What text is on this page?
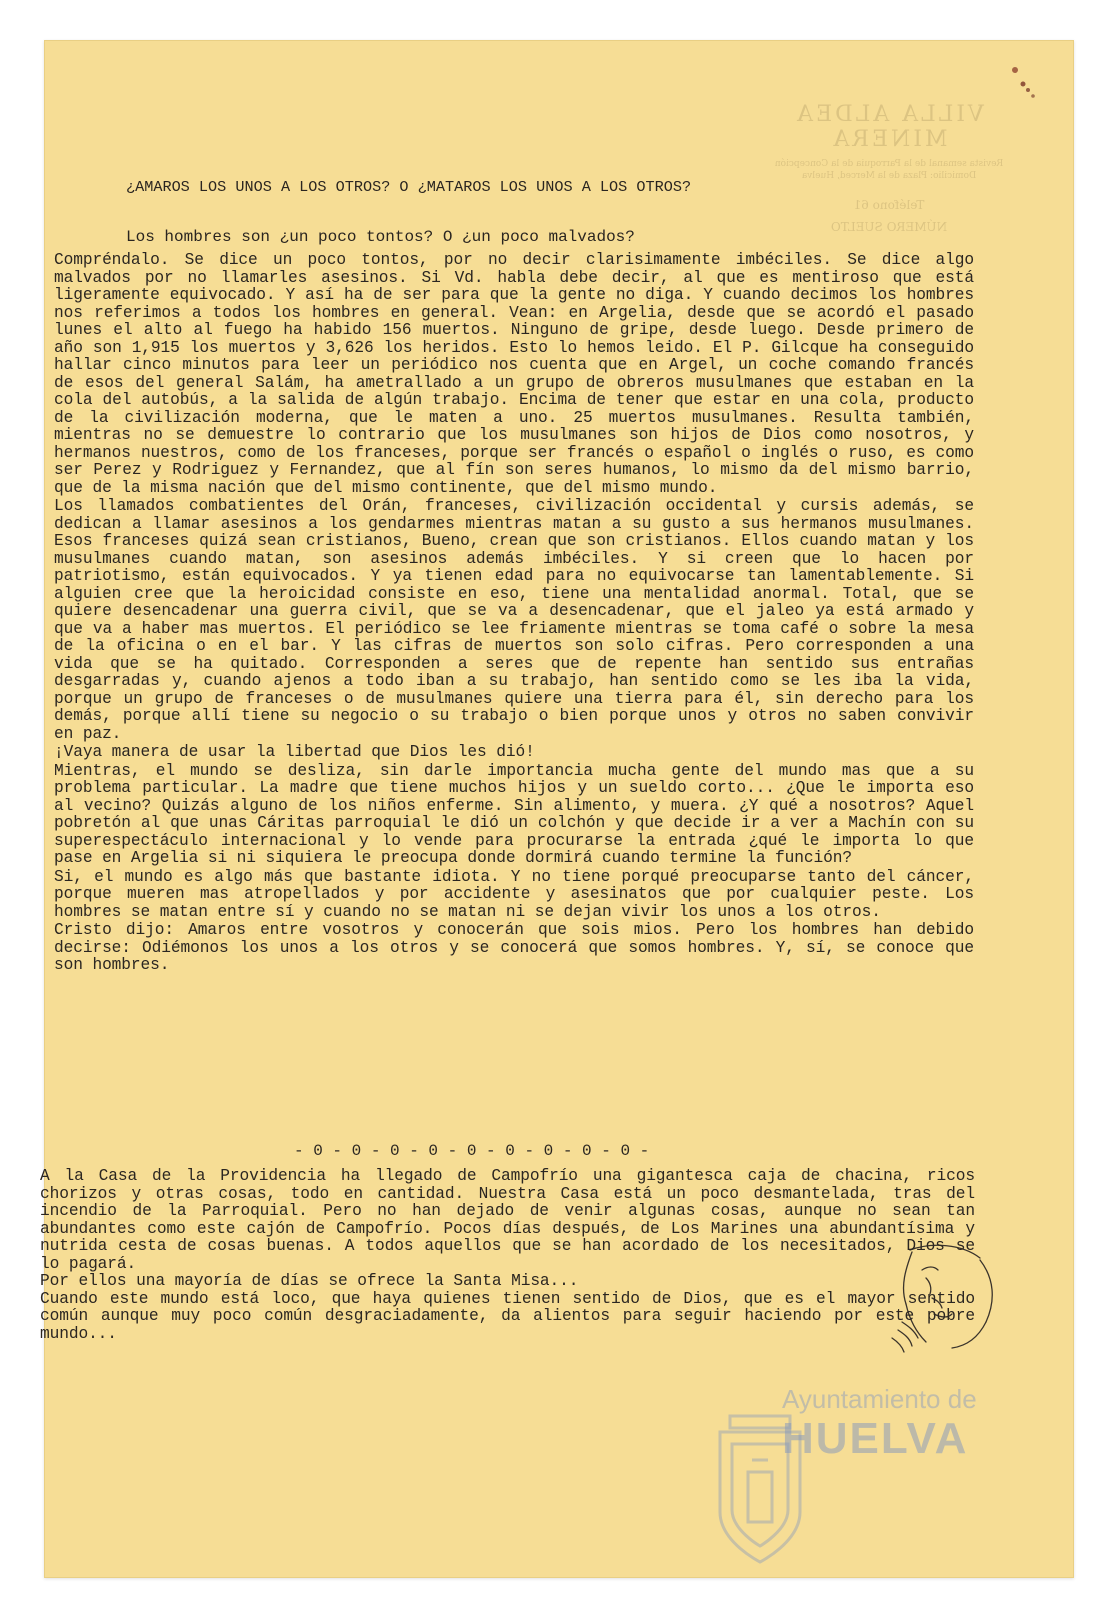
VILLA ALDEA MINERA
Revista semanal de la Parroquia de la Concepción
Domicilio: Plaza de la Merced, Huelva
Teléfono 61
NÚMERO SUELTO
¿AMAROS LOS UNOS A LOS OTROS? O ¿MATAROS LOS UNOS A LOS OTROS?
Los hombres son ¿un poco tontos? O ¿un poco malvados?

Compréndalo. Se dice un poco tontos, por no decir clarisimamente imbéciles. Se dice algo malvados por no llamarles asesinos. Si Vd. habla debe decir, al que es mentiroso que está ligeramente equivocado. Y así ha de ser para que la gente no diga. Y cuando decimos los hombres nos referimos a todos los hombres en general. Vean: en Argelia, desde que se acordó el pasado lunes el alto al fuego ha habido 156 muertos. Ninguno de gripe, desde luego. Desde primero de año son 1,915 los muertos y 3,626 los heridos. Esto lo hemos leido. El P. Gilcque ha conseguido hallar cinco minutos para leer un periódico nos cuenta que en Argel, un coche comando francés de esos del general Salám, ha ametrallado a un grupo de obreros musulmanes que estaban en la cola del autobús, a la salida de algún trabajo. Encima de tener que estar en una cola, producto de la civilización moderna, que le maten a uno. 25 muertos musulmanes. Resulta también, mientras no se demuestre lo contrario que los musulmanes son hijos de Dios como nosotros, y hermanos nuestros, como de los franceses, porque ser francés o español o inglés o ruso, es como ser Perez y Rodriguez y Fernandez, que al fín son seres humanos, lo mismo da del mismo barrio, que de la misma nación que del mismo continente, que del mismo mundo.

Los llamados combatientes del Orán, franceses, civilización occidental y cursis además, se dedican a llamar asesinos a los gendarmes mientras matan a su gusto a sus hermanos musulmanes. Esos franceses quizá sean cristianos, Bueno, crean que son cristianos. Ellos cuando matan y los musulmanes cuando matan, son asesinos además imbéciles. Y si creen que lo hacen por patriotismo, están equivocados. Y ya tienen edad para no equivocarse tan lamentablemente. Si alguien cree que la heroicidad consiste en eso, tiene una mentalidad anormal. Total, que se quiere desencadenar una guerra civil, que se va a desencadenar, que el jaleo ya está armado y que va a haber mas muertos. El periódico se lee friamente mientras se toma café o sobre la mesa de la oficina o en el bar. Y las cifras de muertos son solo cifras. Pero corresponden a una vida que se ha quitado. Corresponden a seres que de repente han sentido sus entrañas desgarradas y, cuando ajenos a todo iban a su trabajo, han sentido como se les iba la vida, porque un grupo de franceses o de musulmanes quiere una tierra para él, sin derecho para los demás, porque allí tiene su negocio o su trabajo o bien porque unos y otros no saben convivir en paz.

¡Vaya manera de usar la libertad que Dios les dió!

Mientras, el mundo se desliza, sin darle importancia mucha gente del mundo mas que a su problema particular. La madre que tiene muchos hijos y un sueldo corto... ¿Que le importa eso al vecino? Quizás alguno de los niños enferme. Sin alimento, y muera. ¿Y qué a nosotros? Aquel pobretón al que unas Cáritas parroquial le dió un colchón y que decide ir a ver a Machín con su superespectáculo internacional y lo vende para procurarse la entrada ¿qué le importa lo que pase en Argelia si ni siquiera le preocupa donde dormirá cuando termine la función?

Si, el mundo es algo más que bastante idiota. Y no tiene porqué preocuparse tanto del cáncer, porque mueren mas atropellados y por accidente y asesinatos que por cualquier peste. Los hombres se matan entre sí y cuando no se matan ni se dejan vivir los unos a los otros.

Cristo dijo: Amaros entre vosotros y conocerán que sois mios. Pero los hombres han debido decirse: Odiémonos los unos a los otros y se conocerá que somos hombres. Y, sí, se conoce que son hombres.

- 0 - 0 - 0 - 0 - 0 - 0 - 0 - 0 - 0 -

A la Casa de la Providencia ha llegado de Campofrío una gigantesca caja de chacina, ricos chorizos y otras cosas, todo en cantidad. Nuestra Casa está un poco desmantelada, tras del incendio de la Parroquial. Pero no han dejado de venir algunas cosas, aunque no sean tan abundantes como este cajón de Campofrío. Pocos días después, de Los Marines una abundantísima y nutrida cesta de cosas buenas. A todos aquellos que se han acordado de los necesitados, Dios se lo pagará.

Por ellos una mayoría de días se ofrece la Santa Misa...

Cuando este mundo está loco, que haya quienes tienen sentido de Dios, que es el mayor sentido común aunque muy poco común desgraciadamente, da alientos para seguir haciendo por este pobre mundo...

Ayuntamiento de
HUELVA
